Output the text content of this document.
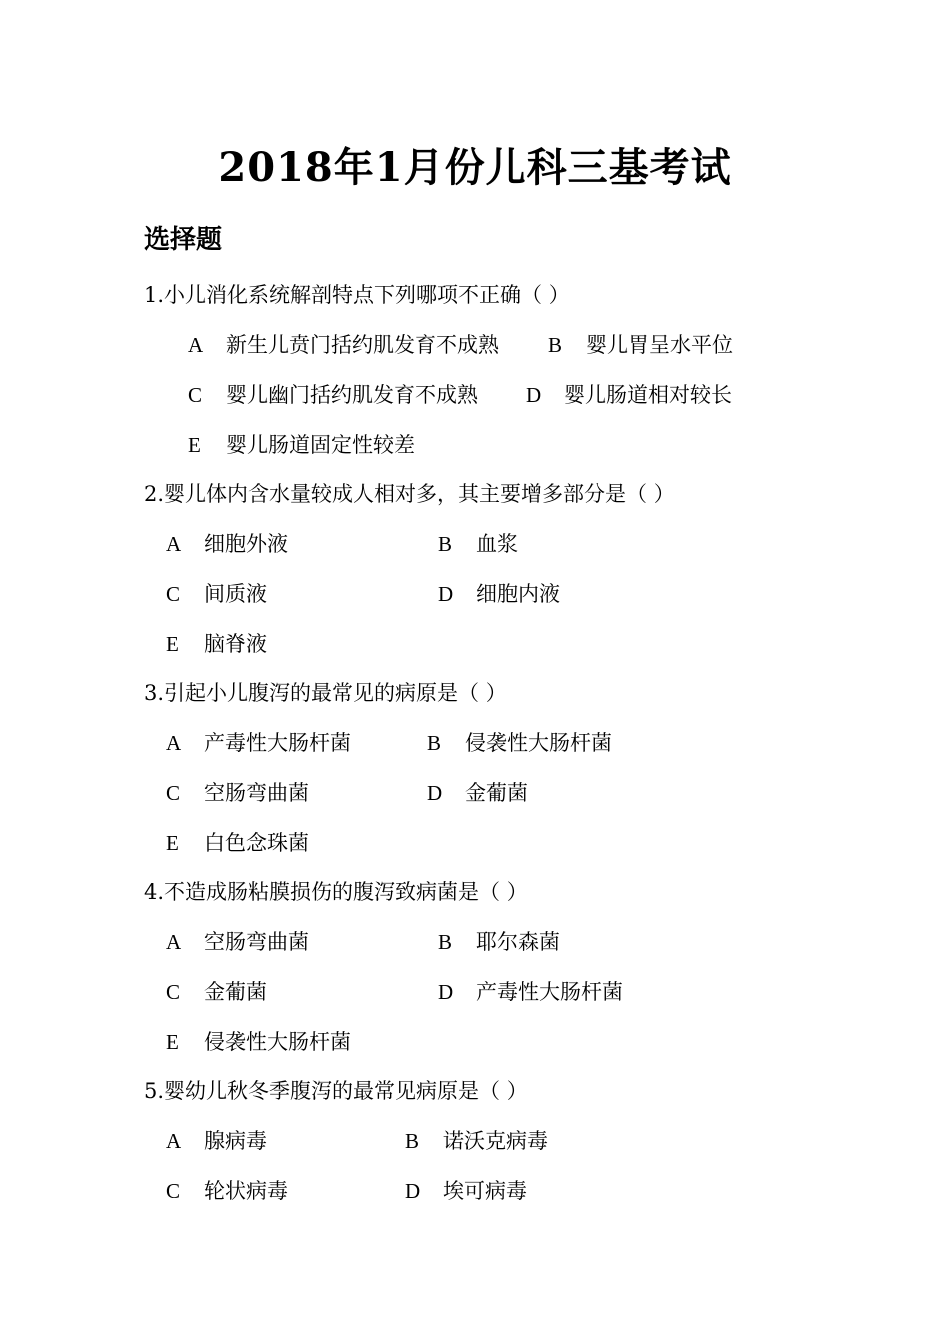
2018年1月份儿科三基考试
选择题
1.小儿消化系统解剖特点下列哪项不正确（ ）
A 新生儿贲门括约肌发育不成熟 B 婴儿胃呈水平位
C 婴儿幽门括约肌发育不成熟 D 婴儿肠道相对较长
E 婴儿肠道固定性较差
2.婴儿体内含水量较成人相对多，其主要增多部分是（ ）
A 细胞外液	B 血浆
C 间质液	D 细胞内液
E 脑脊液
3.引起小儿腹泻的最常见的病原是（ ）
A 产毒性大肠杆菌	B 侵袭性大肠杆菌
C 空肠弯曲菌	D 金葡菌
E 白色念珠菌
4.不造成肠粘膜损伤的腹泻致病菌是（ ）
A 空肠弯曲菌	B 耶尔森菌
C 金葡菌	D 产毒性大肠杆菌
E 侵袭性大肠杆菌
5.婴幼儿秋冬季腹泻的最常见病原是（ ）
A 腺病毒	B 诺沃克病毒
C 轮状病毒	D 埃可病毒
